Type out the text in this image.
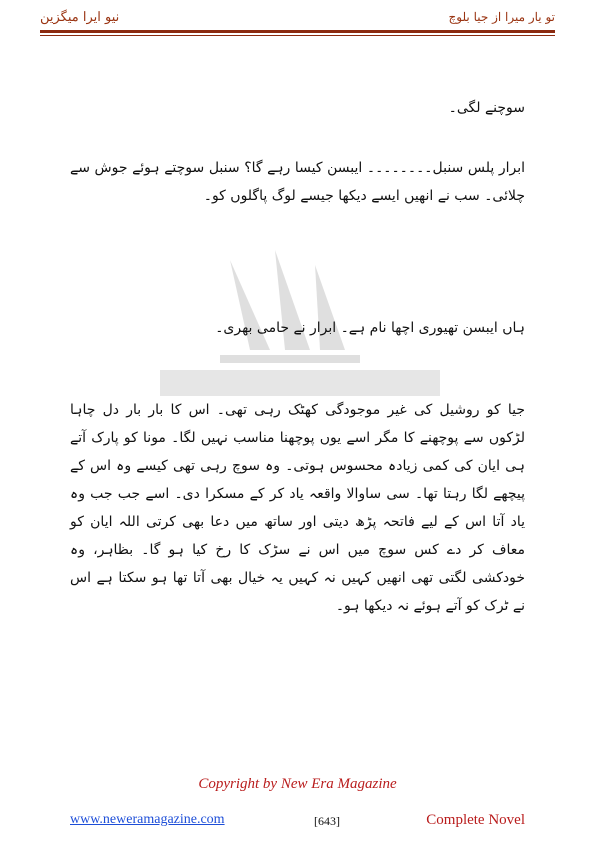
نیو ایرا میگزین	تو یار میرا از جیا بلوچ

سوچنے لگی۔

ابرار پلس سنبل۔۔۔۔۔۔۔۔ ایبسن کیسا رہے گا؟ سنبل سوچتے ہوئے جوش سے چلائی۔ سب نے انھیں ایسے دیکھا جیسے لوگ پاگلوں کو۔

ہاں ایبسن تھیوری اچھا نام ہے۔ ابرار نے حامی بھری۔

جیا کو روشیل کی غیر موجودگی کھٹک رہی تھی۔ اس کا بار بار دل چاہا لڑکوں سے پوچھنے کا مگر اسے یوں پوچھنا مناسب نہیں لگا۔ مونا کو پارک آتے ہی ایان کی کمی زیادہ محسوس ہوتی۔ وہ سوچ رہی تھی کیسے وہ اس کے پیچھے لگا رہتا تھا۔ سی ساوالا واقعہ یاد کر کے مسکرا دی۔ اسے جب جب وہ یاد آتا اس کے لیے فاتحہ پڑھ دیتی اور ساتھ میں دعا بھی کرتی اللہ ایان کو معاف کر دے کس سوچ میں اس نے سڑک کا رخ کیا ہو گا۔ بظاہر، وہ خودکشی لگتی تھی انھیں کہیں نہ کہیں یہ خیال بھی آتا تھا ہو سکتا ہے اس نے ٹرک کو آتے ہوئے نہ دیکھا ہو۔

Copyright by New Era Magazine
www.neweramagazine.com	[643]	Complete Novel
